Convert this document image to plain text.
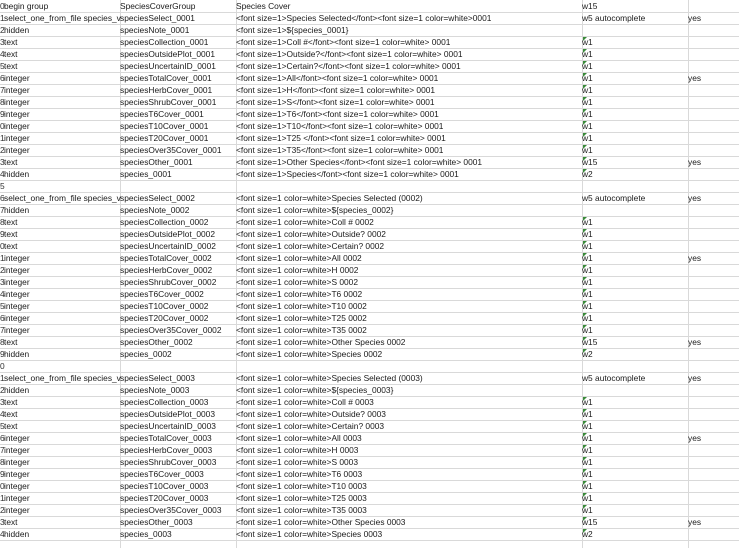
0 begin group	SpeciesCoverGroup	Species Cover	w15
1 select_one_from_file species_v speciesSelect_0001	<font size=1>Species Selected</font><font size=1 color=white>0001	w5 autocomplete	yes
2 hidden	speciesNote_0001	<font size=1>${species_0001}
3 text	speciesCollection_0001	<font size=1>Coll #</font><font size=1 color=white> 0001	w1
4 text	speciesOutsidePlot_0001	<font size=1>Outside?</font><font size=1 color=white> 0001	w1
5 text	speciesUncertainID_0001	<font size=1>Certain?</font><font size=1 color=white> 0001	w1
6 integer	speciesTotalCover_0001	<font size=1>All</font><font size=1 color=white> 0001	w1	yes
7 integer	speciesHerbCover_0001	<font size=1>H</font><font size=1 color=white> 0001	w1
8 integer	speciesShrubCover_0001	<font size=1>S</font><font size=1 color=white> 0001	w1
9 integer	speciesT6Cover_0001	<font size=1>T6</font><font size=1 color=white> 0001	w1
0 integer	speciesT10Cover_0001	<font size=1>T10</font><font size=1 color=white> 0001	w1
1 integer	speciesT20Cover_0001	<font size=1>T25 </font><font size=1 color=white> 0001	w1
2 integer	speciesOver35Cover_0001	<font size=1>T35</font><font size=1 color=white> 0001	w1
3 text	speciesOther_0001	<font size=1>Other Species</font><font size=1 color=white> 0001	w15	yes
4 hidden	species_0001	<font size=1>Species</font><font size=1 color=white> 0001	w2
5
6 select_one_from_file species_v speciesSelect_0002	<font size=1 color=white>Species Selected (0002)	w5 autocomplete	yes
7 hidden	speciesNote_0002	<font size=1 color=white>${species_0002}
8 text	speciesCollection_0002	<font size=1 color=white>Coll # 0002	w1
9 text	speciesOutsidePlot_0002	<font size=1 color=white>Outside? 0002	w1
0 text	speciesUncertainID_0002	<font size=1 color=white>Certain? 0002	w1
1 integer	speciesTotalCover_0002	<font size=1 color=white>All 0002	w1	yes
2 integer	speciesHerbCover_0002	<font size=1 color=white>H 0002	w1
3 integer	speciesShrubCover_0002	<font size=1 color=white>S 0002	w1
4 integer	speciesT6Cover_0002	<font size=1 color=white>T6 0002	w1
5 integer	speciesT10Cover_0002	<font size=1 color=white>T10 0002	w1
6 integer	speciesT20Cover_0002	<font size=1 color=white>T25 0002	w1
7 integer	speciesOver35Cover_0002	<font size=1 color=white>T35 0002	w1
8 text	speciesOther_0002	<font size=1 color=white>Other Species 0002	w15	yes
9 hidden	species_0002	<font size=1 color=white>Species 0002	w2
0
1 select_one_from_file species_v speciesSelect_0003	<font size=1 color=white>Species Selected (0003)	w5 autocomplete	yes
2 hidden	speciesNote_0003	<font size=1 color=white>${species_0003}
3 text	speciesCollection_0003	<font size=1 color=white>Coll # 0003	w1
4 text	speciesOutsidePlot_0003	<font size=1 color=white>Outside? 0003	w1
5 text	speciesUncertainID_0003	<font size=1 color=white>Certain? 0003	w1
6 integer	speciesTotalCover_0003	<font size=1 color=white>All 0003	w1	yes
7 integer	speciesHerbCover_0003	<font size=1 color=white>H 0003	w1
8 integer	speciesShrubCover_0003	<font size=1 color=white>S 0003	w1
9 integer	speciesT6Cover_0003	<font size=1 color=white>T6 0003	w1
0 integer	speciesT10Cover_0003	<font size=1 color=white>T10 0003	w1
1 integer	speciesT20Cover_0003	<font size=1 color=white>T25 0003	w1
2 integer	speciesOver35Cover_0003	<font size=1 color=white>T35 0003	w1
3 text	speciesOther_0003	<font size=1 color=white>Other Species 0003	w15	yes
4 hidden	species_0003	<font size=1 color=white>Species 0003	w2
